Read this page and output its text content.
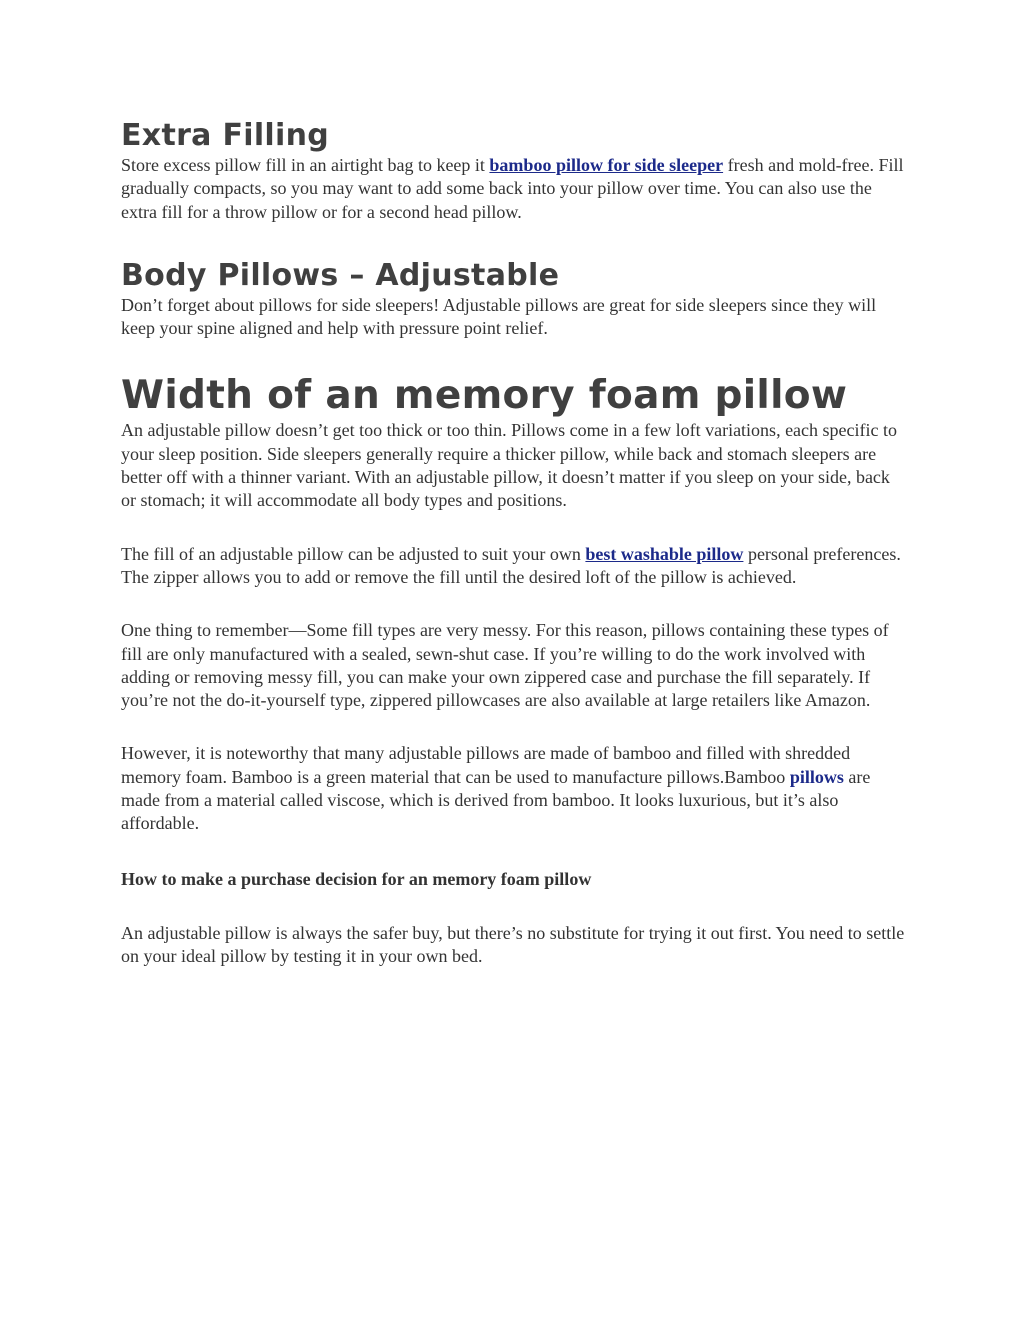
Extra Filling

Store excess pillow fill in an airtight bag to keep it bamboo pillow for side sleeper fresh and mold-free. Fill gradually compacts, so you may want to add some back into your pillow over time. You can also use the extra fill for a throw pillow or for a second head pillow.

Body Pillows – Adjustable

Don’t forget about pillows for side sleepers! Adjustable pillows are great for side sleepers since they will keep your spine aligned and help with pressure point relief.

Width of an memory foam pillow

An adjustable pillow doesn’t get too thick or too thin. Pillows come in a few loft variations, each specific to your sleep position. Side sleepers generally require a thicker pillow, while back and stomach sleepers are better off with a thinner variant. With an adjustable pillow, it doesn’t matter if you sleep on your side, back or stomach; it will accommodate all body types and positions.

The fill of an adjustable pillow can be adjusted to suit your own best washable pillow personal preferences. The zipper allows you to add or remove the fill until the desired loft of the pillow is achieved.

One thing to remember—Some fill types are very messy. For this reason, pillows containing these types of fill are only manufactured with a sealed, sewn-shut case. If you’re willing to do the work involved with adding or removing messy fill, you can make your own zippered case and purchase the fill separately. If you’re not the do-it-yourself type, zippered pillowcases are also available at large retailers like Amazon.

However, it is noteworthy that many adjustable pillows are made of bamboo and filled with shredded memory foam. Bamboo is a green material that can be used to manufacture pillows.Bamboo pillows are made from a material called viscose, which is derived from bamboo. It looks luxurious, but it’s also affordable.

How to make a purchase decision for an memory foam pillow

An adjustable pillow is always the safer buy, but there’s no substitute for trying it out first. You need to settle on your ideal pillow by testing it in your own bed.
